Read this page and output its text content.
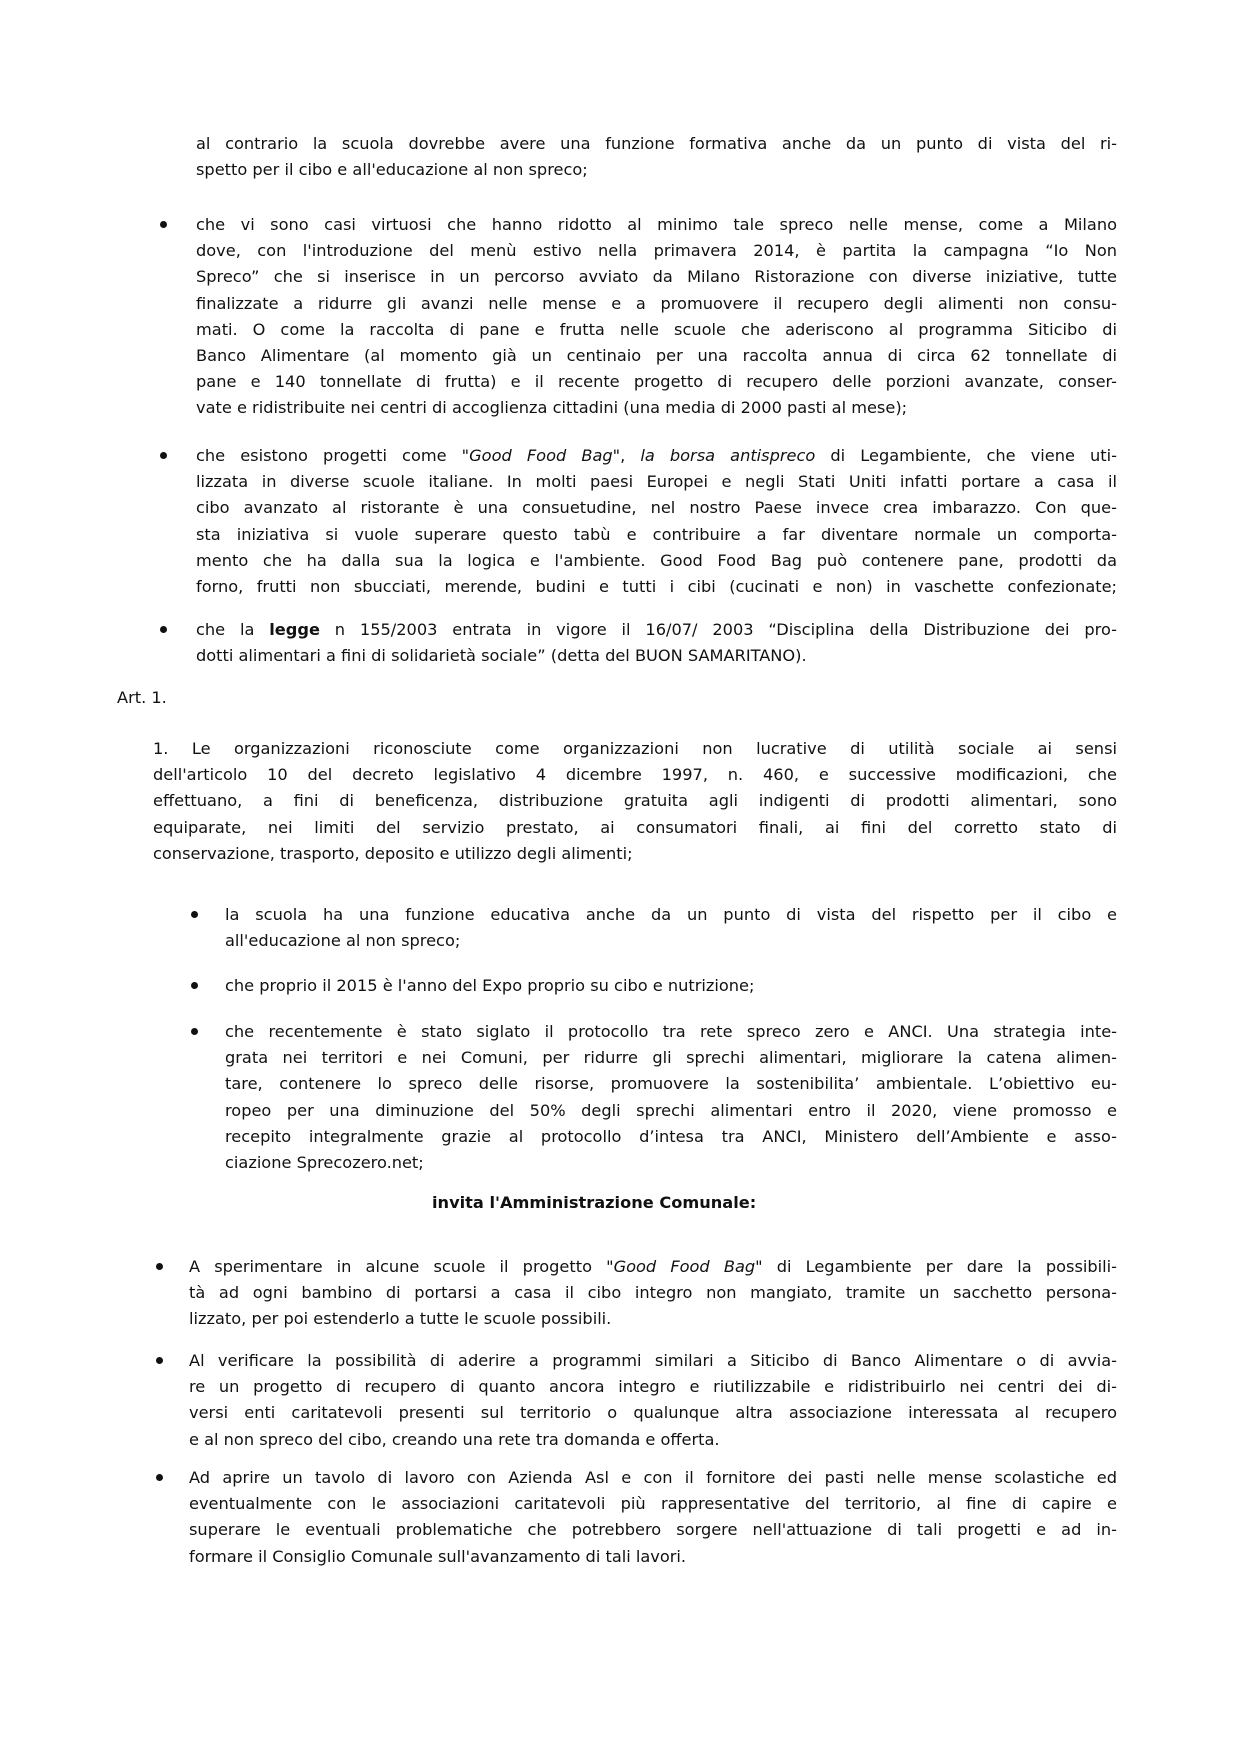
al contrario la scuola dovrebbe avere una funzione formativa anche da un punto di vista del ri-
spetto per il cibo e all'educazione al non spreco;
che vi sono casi virtuosi che hanno ridotto al minimo tale spreco nelle mense, come a Milano
dove, con l'introduzione del menù estivo nella primavera 2014, è partita la campagna “Io Non
Spreco” che si inserisce in un percorso avviato da Milano Ristorazione con diverse iniziative, tutte
finalizzate a ridurre gli avanzi nelle mense e a promuovere il recupero degli alimenti non consu-
mati. O come la raccolta di pane e frutta nelle scuole che aderiscono al programma Siticibo di
Banco Alimentare (al momento già un centinaio per una raccolta annua di circa 62 tonnellate di
pane e 140 tonnellate di frutta) e il recente progetto di recupero delle porzioni avanzate, conser-
vate e ridistribuite nei centri di accoglienza cittadini (una media di 2000 pasti al mese);
che esistono progetti come "Good Food Bag", la borsa antispreco di Legambiente, che viene uti-
lizzata in diverse scuole italiane. In molti paesi Europei e negli Stati Uniti infatti portare a casa il
cibo avanzato al ristorante è una consuetudine, nel nostro Paese invece crea imbarazzo. Con que-
sta iniziativa si vuole superare questo tabù e contribuire a far diventare normale un comporta-
mento che ha dalla sua la logica e l'ambiente. Good Food Bag può contenere pane, prodotti da
forno, frutti non sbucciati, merende, budini e tutti i cibi (cucinati e non) in vaschette confezionate;
che la legge n 155/2003 entrata in vigore il 16/07/ 2003 “Disciplina della Distribuzione dei pro-
dotti alimentari a fini di solidarietà sociale” (detta del BUON SAMARITANO).
Art. 1.
1. Le organizzazioni riconosciute come organizzazioni non lucrative di utilità sociale ai sensi
dell'articolo 10 del decreto legislativo 4 dicembre 1997, n. 460, e successive modificazioni, che
effettuano, a fini di beneficenza, distribuzione gratuita agli indigenti di prodotti alimentari, sono
equiparate, nei limiti del servizio prestato, ai consumatori finali, ai fini del corretto stato di
conservazione, trasporto, deposito e utilizzo degli alimenti;
la scuola ha una funzione educativa anche da un punto di vista del rispetto per il cibo e
all'educazione al non spreco;
che proprio il 2015 è l'anno del Expo proprio su cibo e nutrizione;
che recentemente è stato siglato il protocollo tra rete spreco zero e ANCI. Una strategia inte-
grata nei territori e nei Comuni, per ridurre gli sprechi alimentari, migliorare la catena alimen-
tare, contenere lo spreco delle risorse, promuovere la sostenibilita’ ambientale. L’obiettivo eu-
ropeo per una diminuzione del 50% degli sprechi alimentari entro il 2020, viene promosso e
recepito integralmente grazie al protocollo d’intesa tra ANCI, Ministero dell’Ambiente e asso-
ciazione Sprecozero.net;
invita l'Amministrazione Comunale:
A sperimentare in alcune scuole il progetto "Good Food Bag" di Legambiente per dare la possibili-
tà ad ogni bambino di portarsi a casa il cibo integro non mangiato, tramite un sacchetto persona-
lizzato, per poi estenderlo a tutte le scuole possibili.
Al verificare la possibilità di aderire a programmi similari a Siticibo di Banco Alimentare o di avvia-
re un progetto di recupero di quanto ancora integro e riutilizzabile e ridistribuirlo nei centri dei di-
versi enti caritatevoli presenti sul territorio o qualunque altra associazione interessata al recupero
e al non spreco del cibo, creando una rete tra domanda e offerta.
Ad aprire un tavolo di lavoro con Azienda Asl e con il fornitore dei pasti nelle mense scolastiche ed
eventualmente con le associazioni caritatevoli più rappresentative del territorio, al fine di capire e
superare le eventuali problematiche che potrebbero sorgere nell'attuazione di tali progetti e ad in-
formare il Consiglio Comunale sull'avanzamento di tali lavori.
